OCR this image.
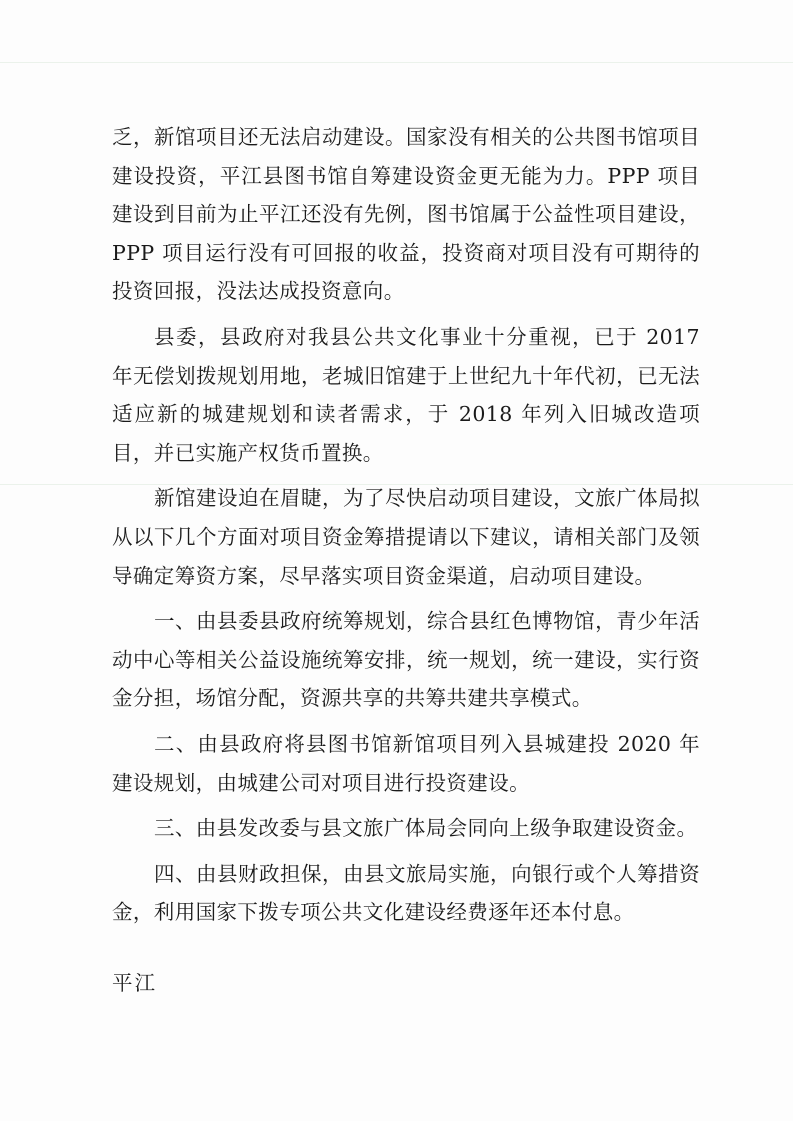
乏，新馆项目还无法启动建设。国家没有相关的公共图书馆项目建设投资，平江县图书馆自筹建设资金更无能为力。PPP 项目建设到目前为止平江还没有先例，图书馆属于公益性项目建设，PPP 项目运行没有可回报的收益，投资商对项目没有可期待的投资回报，没法达成投资意向。

县委，县政府对我县公共文化事业十分重视，已于 2017 年无偿划拨规划用地，老城旧馆建于上世纪九十年代初，已无法适应新的城建规划和读者需求，于 2018 年列入旧城改造项目，并已实施产权货币置换。

新馆建设迫在眉睫，为了尽快启动项目建设，文旅广体局拟从以下几个方面对项目资金筹措提请以下建议，请相关部门及领导确定筹资方案，尽早落实项目资金渠道，启动项目建设。

一、由县委县政府统筹规划，综合县红色博物馆，青少年活动中心等相关公益设施统筹安排，统一规划，统一建设，实行资金分担，场馆分配，资源共享的共筹共建共享模式。

二、由县政府将县图书馆新馆项目列入县城建投 2020 年建设规划，由城建公司对项目进行投资建设。

三、由县发改委与县文旅广体局会同向上级争取建设资金。

四、由县财政担保，由县文旅局实施，向银行或个人筹措资金，利用国家下拨专项公共文化建设经费逐年还本付息。

平江
